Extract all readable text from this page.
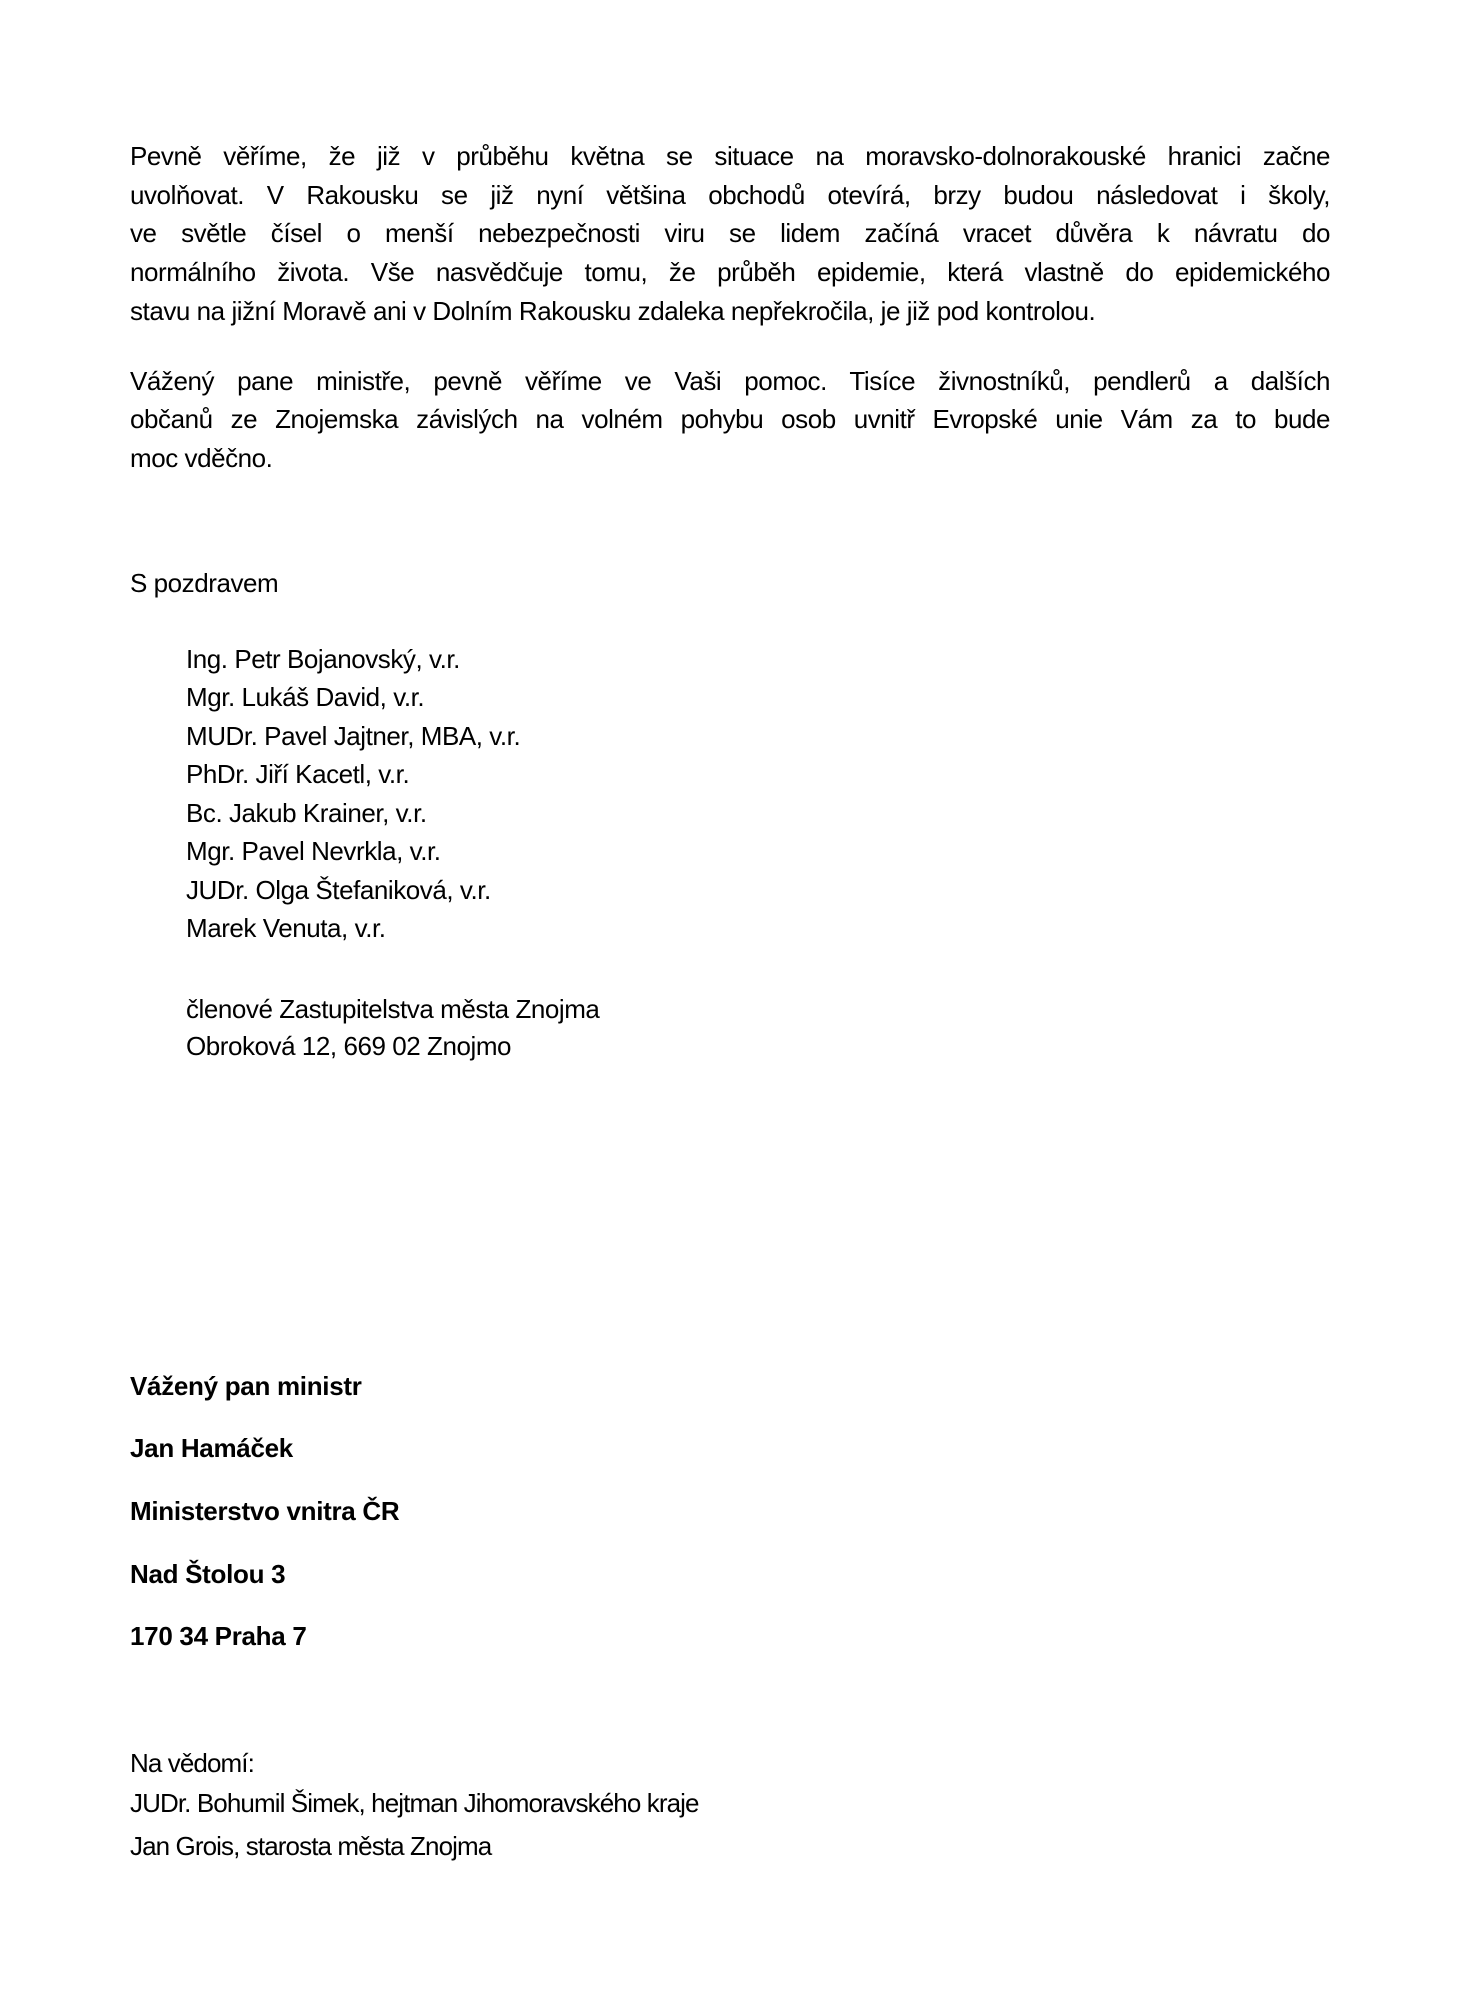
Pevně věříme, že již v průběhu května se situace na moravsko-dolnorakouské hranici začne
uvolňovat. V Rakousku se již nyní většina obchodů otevírá, brzy budou následovat i školy,
ve světle čísel o menší nebezpečnosti viru se lidem začíná vracet důvěra k návratu do
normálního života. Vše nasvědčuje tomu, že průběh epidemie, která vlastně do epidemického
stavu na jižní Moravě ani v Dolním Rakousku zdaleka nepřekročila, je již pod kontrolou.
Vážený pane ministře, pevně věříme ve Vaši pomoc. Tisíce živnostníků, pendlerů a dalších
občanů ze Znojemska závislých na volném pohybu osob uvnitř Evropské unie Vám za to bude
moc vděčno.
S pozdravem
Ing. Petr Bojanovský, v.r.
Mgr. Lukáš David, v.r.
MUDr. Pavel Jajtner, MBA, v.r.
PhDr. Jiří Kacetl, v.r.
Bc. Jakub Krainer, v.r.
Mgr. Pavel Nevrkla, v.r.
JUDr. Olga Štefaniková, v.r.
Marek Venuta, v.r.
členové Zastupitelstva města Znojma
Obroková 12, 669 02 Znojmo
Vážený pan ministr
Jan Hamáček
Ministerstvo vnitra ČR
Nad Štolou 3
170 34 Praha 7
Na vědomí:
JUDr. Bohumil Šimek, hejtman Jihomoravského kraje
Jan Grois, starosta města Znojma
